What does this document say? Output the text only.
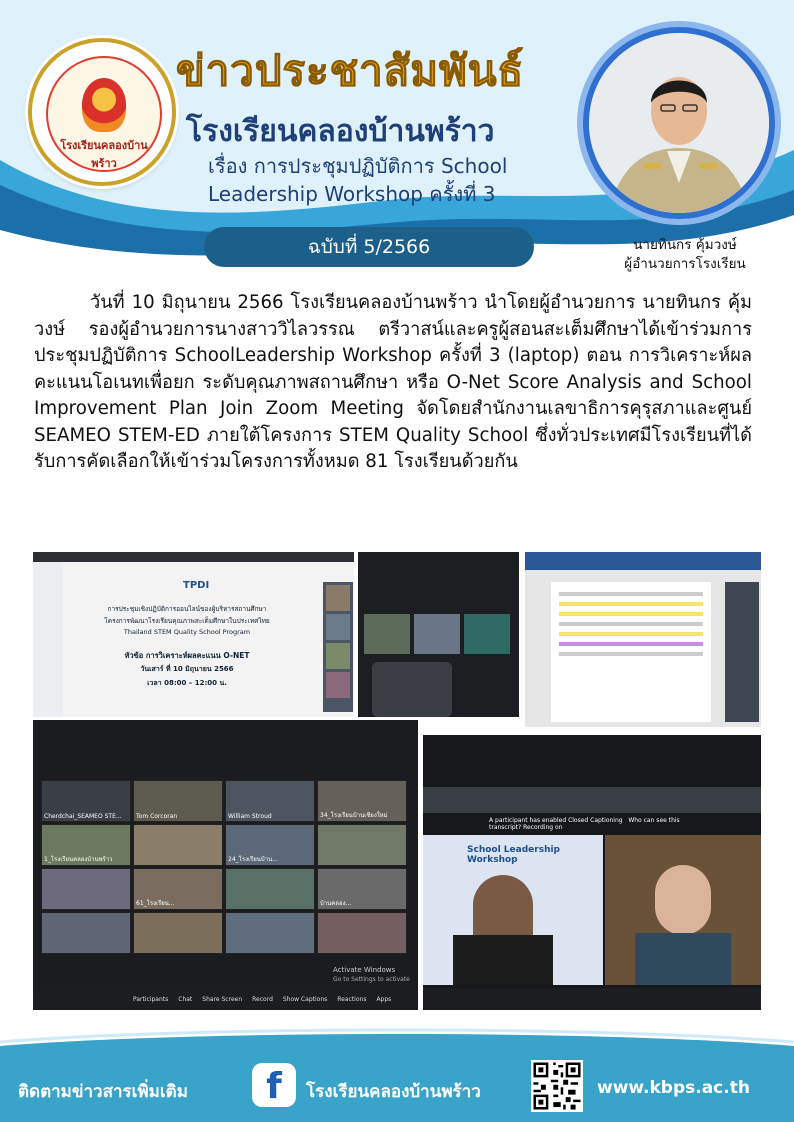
โรงเรียนคลองบ้านพร้าว
ข่าวประชาสัมพันธ์
โรงเรียนคลองบ้านพร้าว
เรื่อง การประชุมปฏิบัติการ School
Leadership Workshop ครั้งที่ 3
ฉบับที่ 5/2566	นายทินกร คุ้มวงษ์
ผู้อำนวยการโรงเรียน

วันที่ 10 มิถุนายน 2566 โรงเรียนคลองบ้านพร้าว นำโดยผู้อำนวยการ นายทินกร คุ้มวงษ์ รองผู้อำนวยการนางสาววิไลวรรณ ตรีวาสน์และครูผู้สอนสะเต็มศึกษาได้เข้าร่วมการประชุมปฏิบัติการ SchoolLeadership Workshop ครั้งที่ 3 (laptop) ตอน การวิเคราะห์ผลคะแนนโอเนทเพื่อยก ระดับคุณภาพสถานศึกษา หรือ O-Net Score Analysis and School Improvement Plan Join Zoom Meeting จัดโดยสำนักงานเลขาธิการคุรุสภาและศูนย์ SEAMEO STEM-ED ภายใต้โครงการ STEM Quality School ซึ่งทั่วประเทศมีโรงเรียนที่ได้รับการคัดเลือกให้เข้าร่วมโครงการทั้งหมด 81 โรงเรียนด้วยกัน

TPDI
การประชุมเชิงปฏิบัติการออนไลน์ของผู้บริหารสถานศึกษา
โครงการพัฒนาโรงเรียนคุณภาพสะเต็มศึกษาในประเทศไทย
Thailand STEM Quality School Program
หัวข้อ การวิเคราะห์ผลคะแนน O-NET
วันเสาร์ ที่ 10 มิถุนายน 2566
เวลา 08:00 – 12:00 น.
Cherdchai_SEAMEO STE... Tom Corcoran	William Stroud	34_โรงเรียนบ้านเชียงใหม่
1_โรงเรียนคลองบ้านพร้าว	24_โรงเรียนบ้าน...
61_โรงเรียน...	บ้านคลอง...
Activate Windows
Go to Settings to activate
Participants Chat Share Screen Record Show Captions Reactions Apps
A participant has enabled Closed Captioning Who can see this transcript? Recording on
School Leadership Workshop
ติดตามข่าวสารเพิ่มเติม	f	โรงเรียนคลองบ้านพร้าว	www.kbps.ac.th
